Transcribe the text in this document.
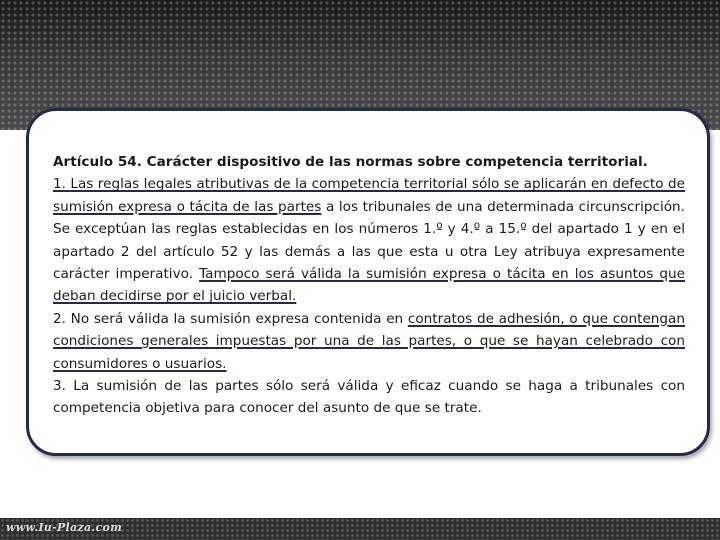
Artículo 54. Carácter dispositivo de las normas sobre competencia territorial.

1. Las reglas legales atributivas de la competencia territorial sólo se aplicarán en defecto de sumisión expresa o tácita de las partes a los tribunales de una determinada circunscripción. Se exceptúan las reglas establecidas en los números 1.º y 4.º a 15.º del apartado 1 y en el apartado 2 del artículo 52 y las demás a las que esta u otra Ley atribuya expresamente carácter imperativo. Tampoco será válida la sumisión expresa o tácita en los asuntos que deban decidirse por el juicio verbal.

2. No será válida la sumisión expresa contenida en contratos de adhesión, o que contengan condiciones generales impuestas por una de las partes, o que se hayan celebrado con consumidores o usuarios.

3. La sumisión de las partes sólo será válida y eficaz cuando se haga a tribunales con competencia objetiva para conocer del asunto de que se trate.

www.Iu-Plaza.com
